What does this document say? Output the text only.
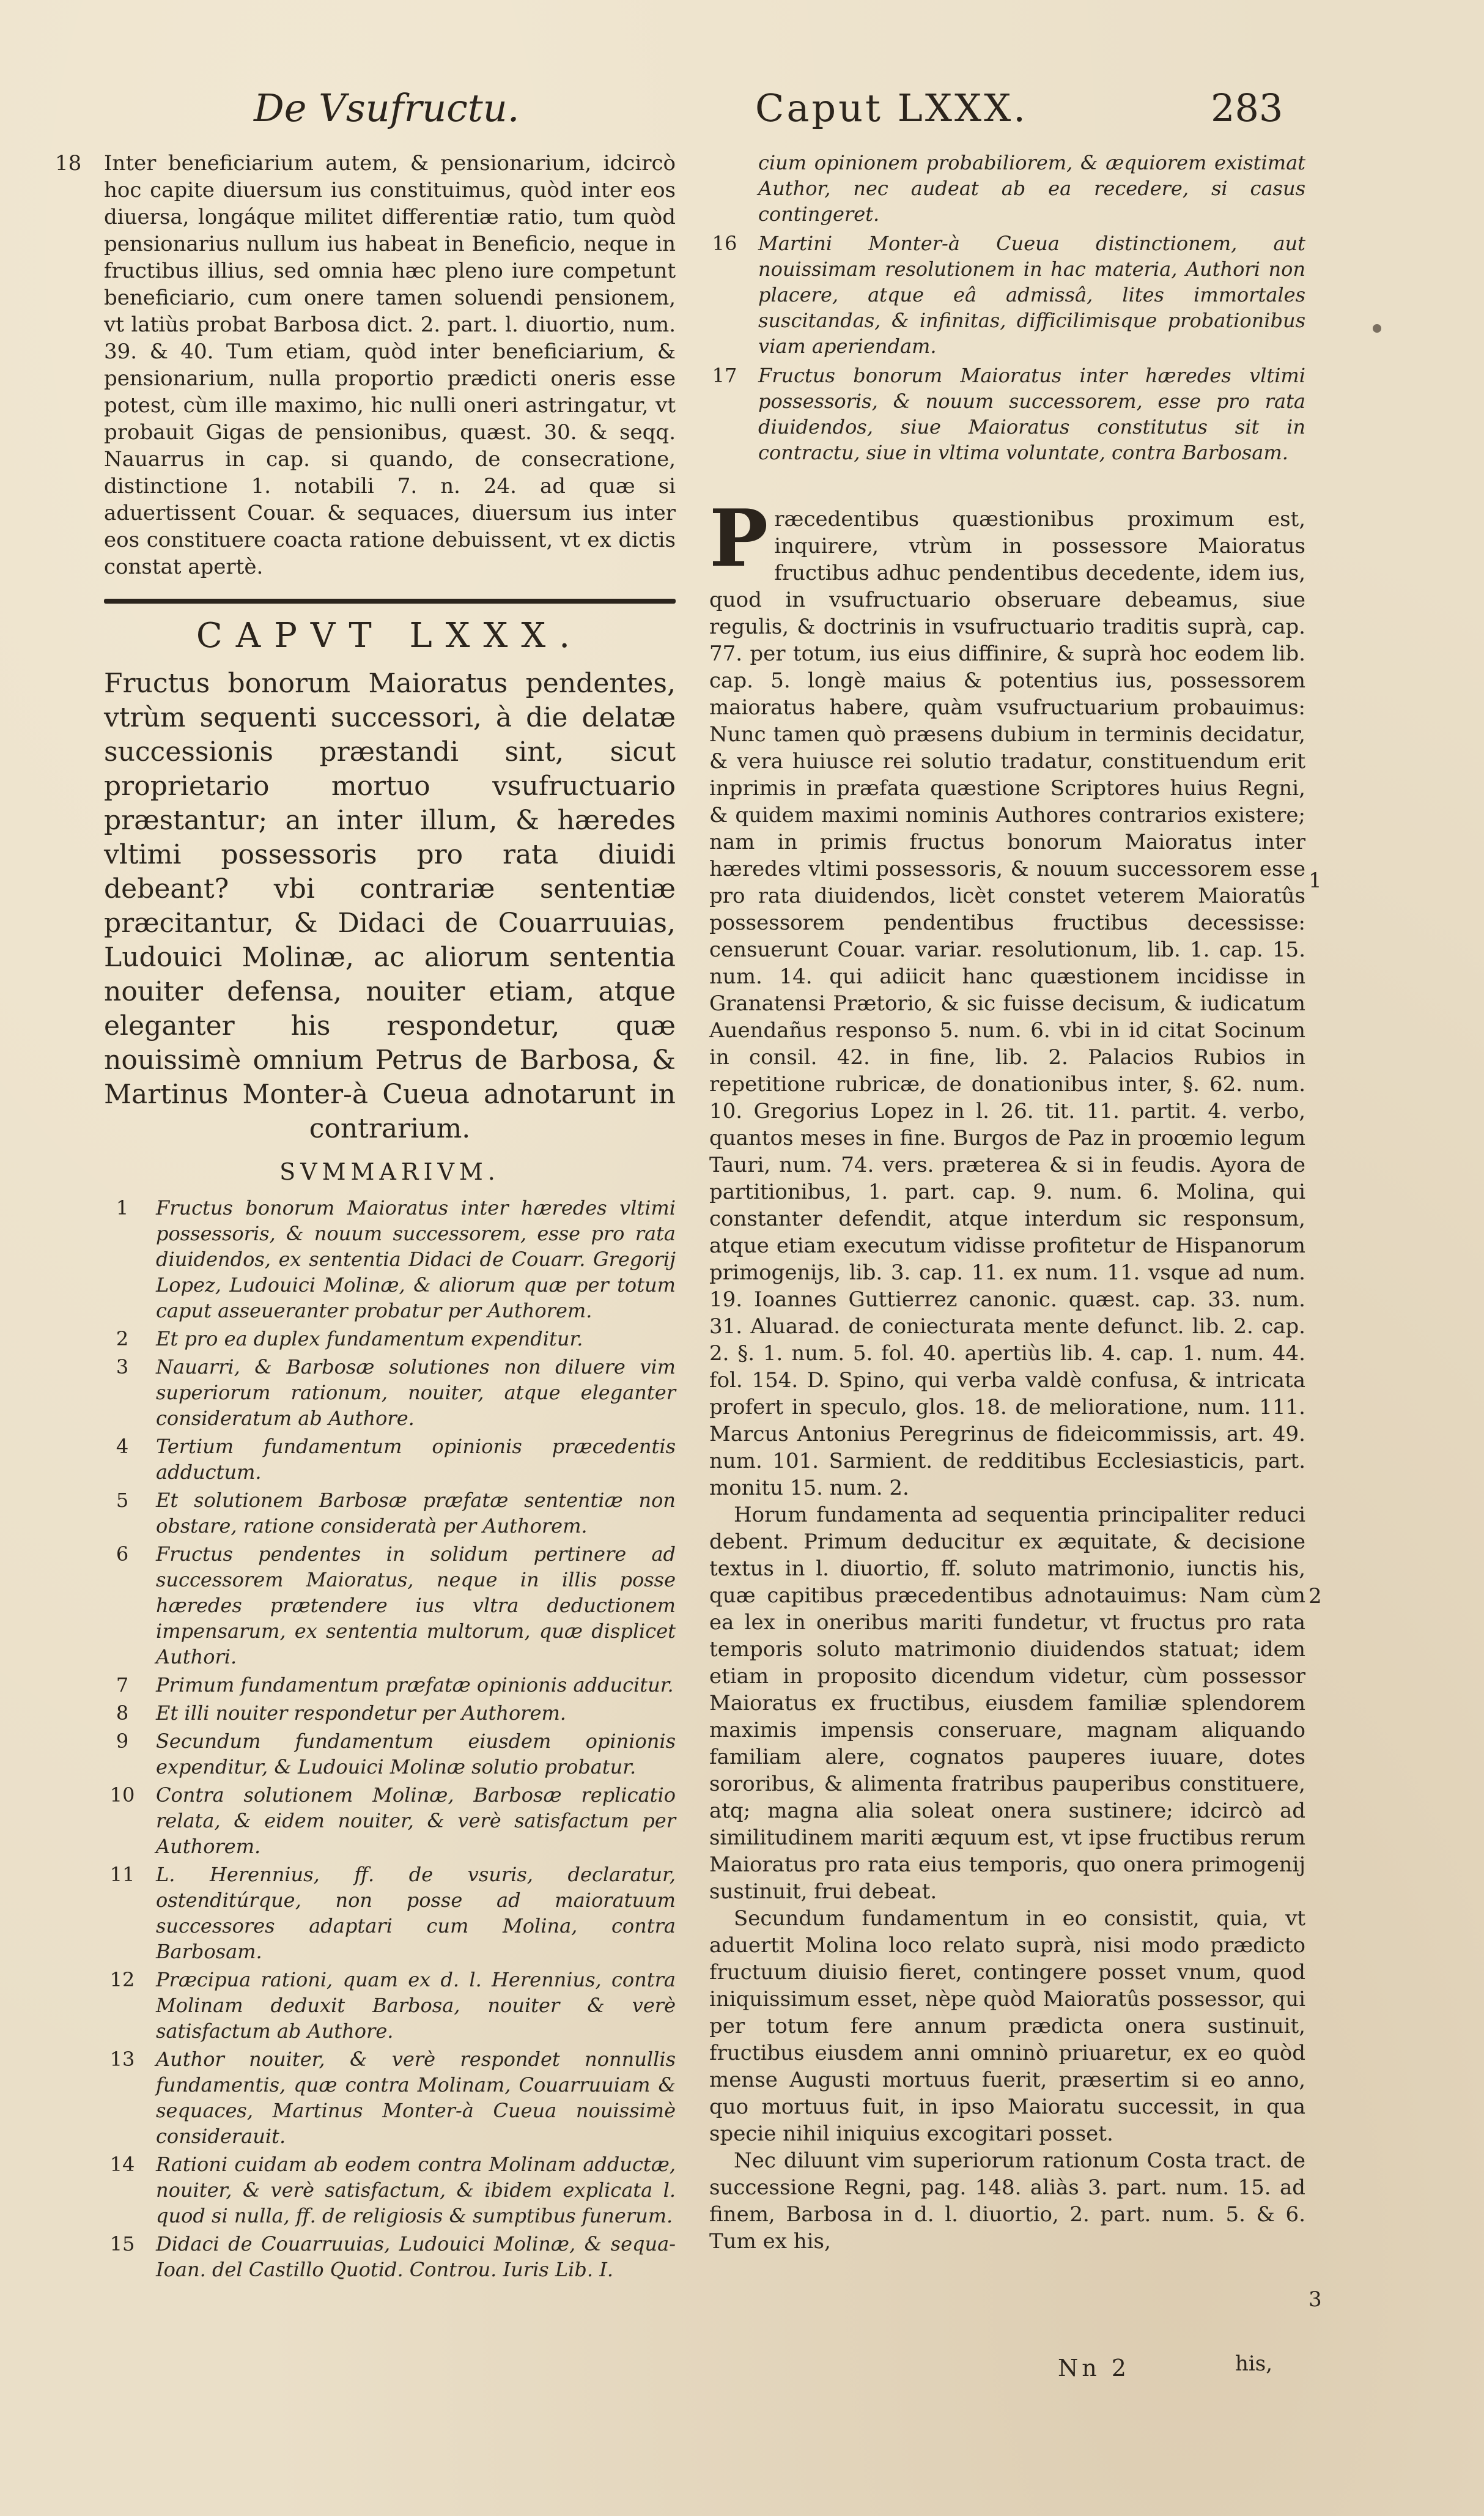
De Vsufructu.	Caput LXXX.	283
18 Inter beneficiarium autem, & pensionarium, idcircò hoc capite diuersum ius constituimus, quòd inter eos diuersa, longáque militet differentiæ ratio, tum quòd pensionarius nullum ius habeat in Beneficio, neque in fructibus illius, sed omnia hæc pleno iure competunt beneficiario, cum onere tamen soluendi pensionem, vt latiùs probat Barbosa dict. 2. part. l. diuortio, num. 39. & 40. Tum etiam, quòd inter beneficiarium, & pensionarium, nulla proportio prædicti oneris esse potest, cùm ille maximo, hic nulli oneri astringatur, vt probauit Gigas de pensionibus, quæst. 30. & seqq. Nauarrus in cap. si quando, de consecratione, distinctione 1. notabili 7. n. 24. ad quæ si aduertissent Couar. & sequaces, diuersum ius inter eos constituere coacta ratione debuissent, vt ex dictis constat apertè.

CAPVT LXXX.

Fructus bonorum Maioratus pendentes, vtrùm sequenti successori, à die delatæ successionis præstandi sint, sicut proprietario mortuo vsufructuario præstantur; an inter illum, & hæredes vltimi possessoris pro rata diuidi debeant? vbi contrariæ sententiæ præcitantur, & Didaci de Couarruuias, Ludouici Molinæ, ac aliorum sententia nouiter defensa, nouiter etiam, atque eleganter his respondetur, quæ nouissimè omnium Petrus de Barbosa, & Martinus Monter-à Cueua adnotarunt in contrarium.

SVMMARIVM.
1	Fructus bonorum Maioratus inter hæredes vltimi possessoris, & nouum successorem, esse pro rata diuidendos, ex sententia Didaci de Couarr. Gregorij Lopez, Ludouici Molinæ, & aliorum quæ per totum caput asseueranter probatur per Authorem.
2	Et pro ea duplex fundamentum expenditur.
3	Nauarri, & Barbosæ solutiones non diluere vim superiorum rationum, nouiter, atque eleganter consideratum ab Authore.
4	Tertium fundamentum opinionis præcedentis adductum.
5	Et solutionem Barbosæ præfatæ sententiæ non obstare, ratione consideratà per Authorem.
6	Fructus pendentes in solidum pertinere ad successorem Maioratus, neque in illis posse hæredes prætendere ius vltra deductionem impensarum, ex sententia multorum, quæ displicet Authori.
7	Primum fundamentum præfatæ opinionis adducitur.
8	Et illi nouiter respondetur per Authorem.
9	Secundum fundamentum eiusdem opinionis expenditur, & Ludouici Molinæ solutio probatur.
10	Contra solutionem Molinæ, Barbosæ replicatio relata, & eidem nouiter, & verè satisfactum per Authorem.
11	L. Herennius, ff. de vsuris, declaratur, ostenditúrque, non posse ad maioratuum successores adaptari cum Molina, contra Barbosam.
12	Præcipua rationi, quam ex d. l. Herennius, contra Molinam deduxit Barbosa, nouiter & verè satisfactum ab Authore.
13	Author nouiter, & verè respondet nonnullis fundamentis, quæ contra Molinam, Couarruuiam & sequaces, Martinus Monter-à Cueua nouissimè considerauit.
14	Rationi cuidam ab eodem contra Molinam adductæ, nouiter, & verè satisfactum, & ibidem explicata l. quod si nulla, ff. de religiosis & sumptibus funerum.
15	Didaci de Couarruuias, Ludouici Molinæ, & sequa- Ioan. del Castillo Quotid. Controu. Iuris Lib. I.
cium opinionem probabiliorem, & æquiorem existimat Author, nec audeat ab ea recedere, si casus contingeret.
16 Martini Monter-à Cueua distinctionem, aut nouissimam resolutionem in hac materia, Authori non placere, atque eâ admissâ, lites immortales suscitandas, & infinitas, difficilimisque probationibus viam aperiendam.
17 Fructus bonorum Maioratus inter hæredes vltimi possessoris, & nouum successorem, esse pro rata diuidendos, siue Maioratus constitutus sit in contractu, siue in vltima voluntate, contra Barbosam.
P ræcedentibus quæstionibus proximum est, inquirere, vtrùm in possessore Maioratus fructibus adhuc pendentibus decedente, idem ius, quod in vsufructuario obseruare debeamus, siue regulis, & doctrinis in vsufructuario traditis suprà, cap. 77. per totum, ius eius diffinire, & suprà hoc eodem lib. cap. 5. longè maius & potentius ius, possessorem maioratus habere, quàm vsufructuarium probauimus: Nunc tamen quò præsens dubium in terminis decidatur, & vera huiusce rei solutio tradatur, constituendum erit inprimis in præfata quæstione Scriptores huius Regni, & quidem maximi nominis Authores contrarios existere; nam in primis fructus bonorum Maioratus inter hæredes vltimi possessoris, & nouum successorem esse pro rata diuidendos, licèt constet veterem Maioratûs possessorem pendentibus fructibus decessisse: censuerunt Couar. variar. resolutionum, lib. 1. cap. 15. num. 14. qui adiicit hanc quæstionem incidisse in Granatensi Prætorio, & sic fuisse decisum, & iudicatum Auendañus responso 5. num. 6. vbi in id citat Socinum in consil. 42. in fine, lib. 2. Palacios Rubios in repetitione rubricæ, de donationibus inter, §. 62. num. 10. Gregorius Lopez in l. 26. tit. 11. partit. 4. verbo, quantos meses in fine. Burgos de Paz in proœmio legum Tauri, num. 74. vers. præterea & si in feudis. Ayora de partitionibus, 1. part. cap. 9. num. 6. Molina, qui constanter defendit, atque interdum sic responsum, atque etiam executum vidisse profitetur de Hispanorum primogenijs, lib. 3. cap. 11. ex num. 11. vsque ad num. 19. Ioannes Guttierrez canonic. quæst. cap. 33. num. 31. Aluarad. de coniecturata mente defunct. lib. 2. cap. 2. §. 1. num. 5. fol. 40. apertiùs lib. 4. cap. 1. num. 44. fol. 154. D. Spino, qui verba valdè confusa, & intricata profert in speculo, glos. 18. de melioratione, num. 111. Marcus Antonius Peregrinus de fideicommissis, art. 49. num. 101. Sarmient. de redditibus Ecclesiasticis, part. monitu 15. num. 2.

Horum fundamenta ad sequentia principaliter reduci debent. Primum deducitur ex æquitate, & decisione textus in l. diuortio, ff. soluto matrimonio, iunctis his, quæ capitibus præcedentibus adnotauimus: Nam cùm ea lex in oneribus mariti fundetur, vt fructus pro rata temporis soluto matrimonio diuidendos statuat; idem etiam in proposito dicendum videtur, cùm possessor Maioratus ex fructibus, eiusdem familiæ splendorem maximis impensis conseruare, magnam aliquando familiam alere, cognatos pauperes iuuare, dotes sororibus, & alimenta fratribus pauperibus constituere, atq; magna alia soleat onera sustinere; idcircò ad similitudinem mariti æquum est, vt ipse fructibus rerum Maioratus pro rata eius temporis, quo onera primogenij sustinuit, frui debeat.

Secundum fundamentum in eo consistit, quia, vt aduertit Molina loco relato suprà, nisi modo prædicto fructuum diuisio fieret, contingere posset vnum, quod iniquissimum esset, nèpe quòd Maioratûs possessor, qui per totum fere annum prædicta onera sustinuit, fructibus eiusdem anni omninò priuaretur, ex eo quòd mense Augusti mortuus fuerit, præsertim si eo anno, quo mortuus fuit, in ipso Maioratu successit, in qua specie nihil iniquius excogitari posset.

Nec diluunt vim superiorum rationum Costa tract. de successione Regni, pag. 148. aliàs 3. part. num. 15. ad finem, Barbosa in d. l. diuortio, 2. part. num. 5. & 6. Tum ex his,

1
2
3
Nn 2	his,
